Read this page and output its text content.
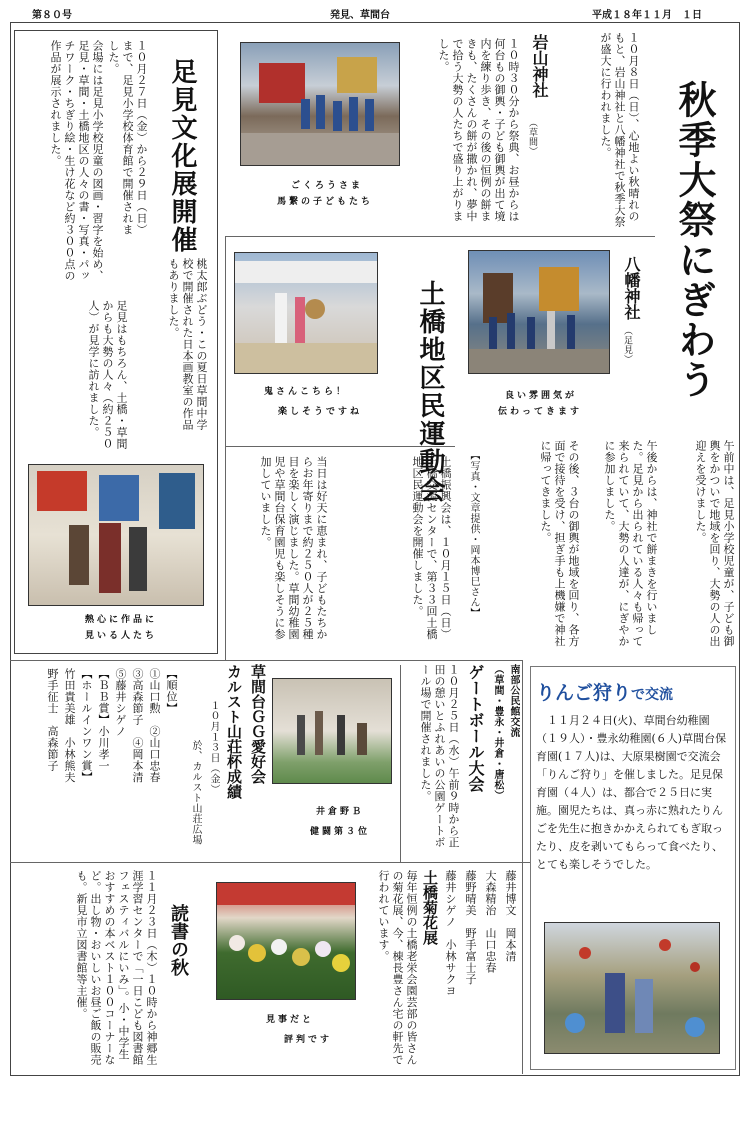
第８０号	発見、草間台	平成１８年１１月　１日
秋季大祭にぎわう
１０月８日（日）、心地よい秋晴れのもと、岩山神社と八幡神社で秋季大祭が盛大に行われました。
岩山神社
（草間）
１０時３０分から祭典、お昼からは何台もの御輿・子ども御輿が出て境内を練り歩き、その後の恒例の餅まきも、たくさんの餅が撒かれ、夢中で拾う大勢の人たちで盛り上がりました。
ごくろうさま
馬繋の子どもたち
八幡神社
（足見）
良い雰囲気が
伝わってきます
午前中は、足見小学校児童が、子ども御輿をかついで地域を回り、大勢の人の出迎えを受けました。
午後からは、神社で餅まきを行いました。足見から出られている人々も帰って来られていて、大勢の人達が、にぎやかに参加しました。
その後、３台の御輿が地域を回り、各方面で接待を受け、担ぎ手も上機嫌で神社に帰ってきました。
【写真・文章提供・岡本博巳さん】
足見文化展開催
１０月２７日（金）から２９日（日）まで、足見小学校体育館で開催されました。
会場には足見小学校児童の図画・習字を始め、足見・草間・土橋地区の人々の書・写真・パッチワーク・ちぎり絵・生け花など約３００点の作品が展示されました。
桃太郎ぶどう・この夏日草間中学校で開催された日本画教室の作品もありました。
足見はもちろん、土橋・草間からも大勢の人々（約２５０人）が見学に訪れました。
熱心に作品に
見いる人たち
土橋地区民運動会
鬼さんこちら！
楽しそうですね
土橋振興会は、１０月１５日（日）土橋交流センターで、第３３回土橋地区民運動会を開催しました。
当日は好天に恵まれ、子どもたちからお年寄りまで約２５０人が２５種目を楽しく演じました。草間幼稚園児や草間台保育園児も楽しそうに参加していました。
草間台ＧＧ愛好会
カルスト山荘杯成績
１０月１３日（金）
於、カルスト山荘広場
【順位】
①山口勲　②山口忠春
③高森節子　④岡本清
⑤藤井シゲノ
【ＢＢ賞】小川孝一
【ホールインワン賞】
竹田貴美雄　小林熊夫
野手征士　高森節子
井倉野Ｂ
健闘第３位
南部公民館交流
（草間・豊永・井倉・唐松）
ゲートボール大会
１０月２５日（水）午前９時から正田の憩いとふれあいの公園ゲートボール場で開催されました。
藤井博文　岡本清
大森精治　山口忠春
藤野晴美　野手富士子
藤井シゲノ　小林サクヨ
土橋菊花展
毎年恒例の土橋老栄会園芸部の皆さんの菊花展、今、棟長豊さん宅の軒先で行われています。
見事だと
評判です
読書の秋
１１月２３日（木）１０時から神郷生涯学習センターで「一日こども図書館フェスティバルにいみ」。小・中学生おすすめの本ベスト１００コーナーなど。出し物・おいしいお昼ご飯の販売も。新見市立図書館等主催。
りんご狩りで交流
　１１月２４日(火)、草間台幼稚園（１９人）・豊永幼稚園(６人)草間台保育園(１７人)は、大原果樹園で交流会「りんご狩り」を催しました。足見保育園（４人）は、都合で２５日に実施。園児たちは、真っ赤に熟れたりんごを先生に抱きかかえられてもぎ取ったり、皮を剥いてもらって食べたり、とても楽しそうでした。
